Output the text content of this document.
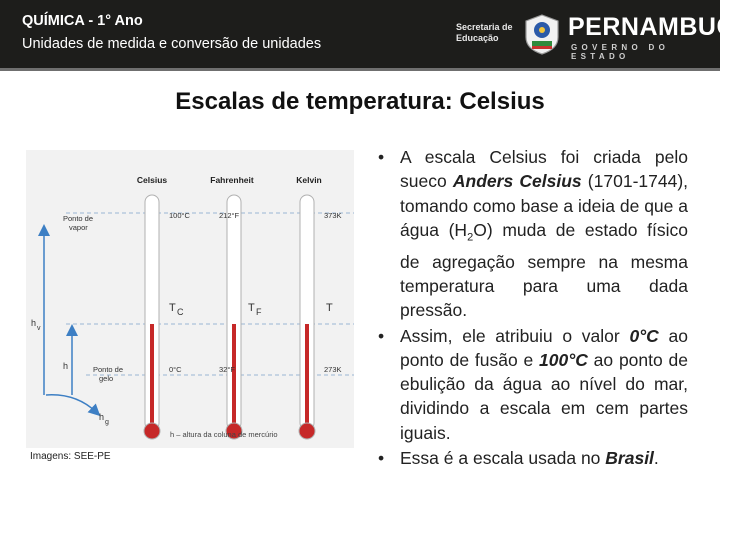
QUÍMICA - 1° Ano
Unidades de medida e conversão de unidades
Secretaria de
Educação	PERNAMBUCO
GOVERNO DO ESTADO
Escalas de temperatura: Celsius
Celsius	Fahrenheit	Kelvin
100°C	212°F	373K
T C	T F	T
0°C	32°F	273K
Ponto de
vapor
Ponto de
gelo
h
v
h
h
g
h – altura da coluna de mercúrio
Imagens: SEE-PE
• A escala Celsius foi criada pelo sueco Anders Celsius (1701-1744), tomando como base a ideia de que a água $(H_2O)$ muda de estado físico de agregação sempre na mesma temperatura para uma dada pressão.
• Assim, ele atribuiu o valor 0°C ao ponto de fusão e 100°C ao ponto de ebulição da água ao nível do mar, dividindo a escala em cem partes iguais.
• Essa é a escala usada no Brasil.
